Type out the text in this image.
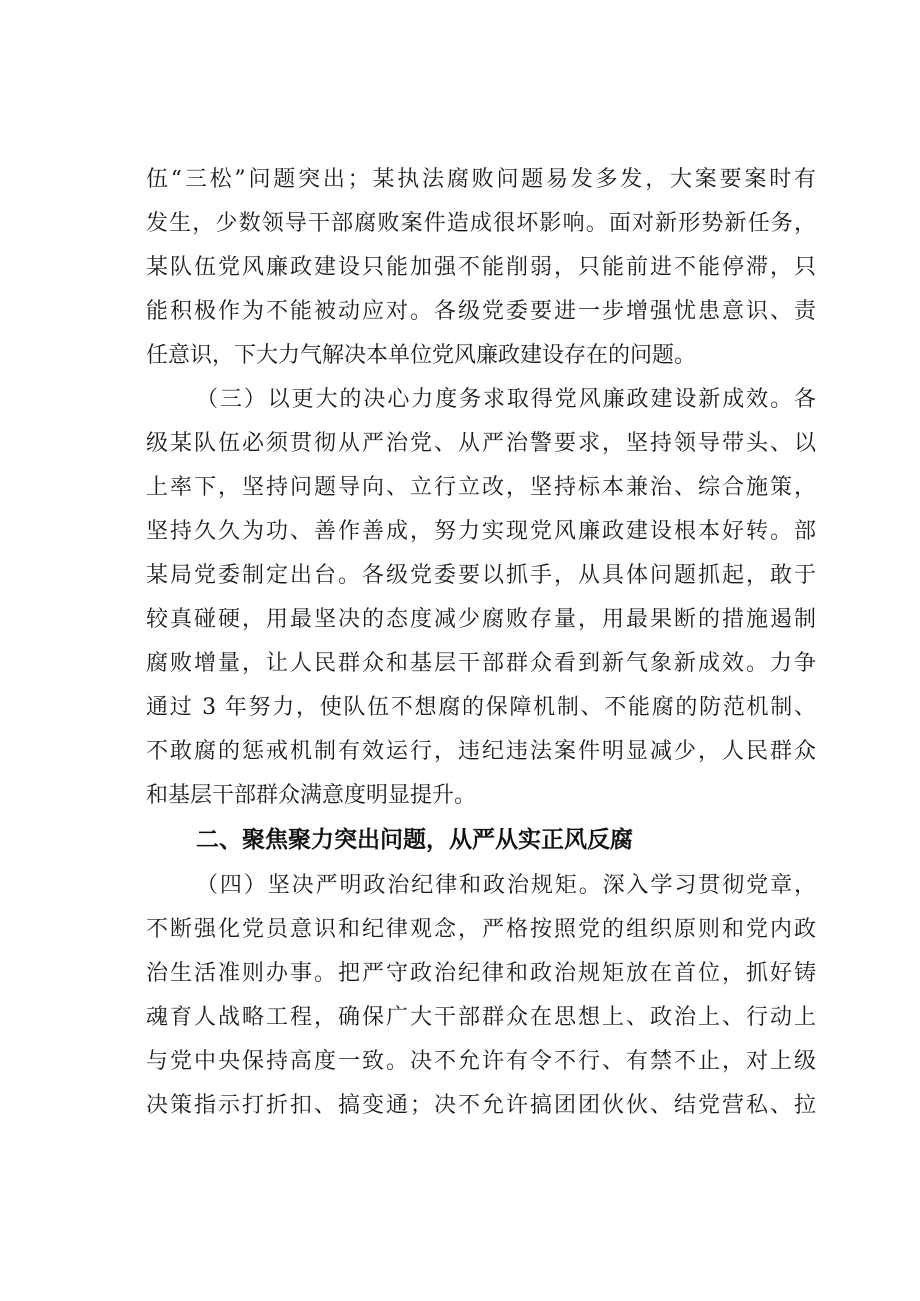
伍“三松”问题突出；某执法腐败问题易发多发，大案要案时有
发生，少数领导干部腐败案件造成很坏影响。面对新形势新任务，
某队伍党风廉政建设只能加强不能削弱，只能前进不能停滞，只
能积极作为不能被动应对。各级党委要进一步增强忧患意识、责
任意识，下大力气解决本单位党风廉政建设存在的问题。
（三）以更大的决心力度务求取得党风廉政建设新成效。各
级某队伍必须贯彻从严治党、从严治警要求，坚持领导带头、以
上率下，坚持问题导向、立行立改，坚持标本兼治、综合施策，
坚持久久为功、善作善成，努力实现党风廉政建设根本好转。部
某局党委制定出台。各级党委要以抓手，从具体问题抓起，敢于
较真碰硬，用最坚决的态度减少腐败存量，用最果断的措施遏制
腐败增量，让人民群众和基层干部群众看到新气象新成效。力争
通过 3 年努力，使队伍不想腐的保障机制、不能腐的防范机制、
不敢腐的惩戒机制有效运行，违纪违法案件明显减少，人民群众
和基层干部群众满意度明显提升。
二、聚焦聚力突出问题，从严从实正风反腐
（四）坚决严明政治纪律和政治规矩。深入学习贯彻党章，
不断强化党员意识和纪律观念，严格按照党的组织原则和党内政
治生活准则办事。把严守政治纪律和政治规矩放在首位，抓好铸
魂育人战略工程，确保广大干部群众在思想上、政治上、行动上
与党中央保持高度一致。决不允许有令不行、有禁不止，对上级
决策指示打折扣、搞变通；决不允许搞团团伙伙、结党营私、拉
